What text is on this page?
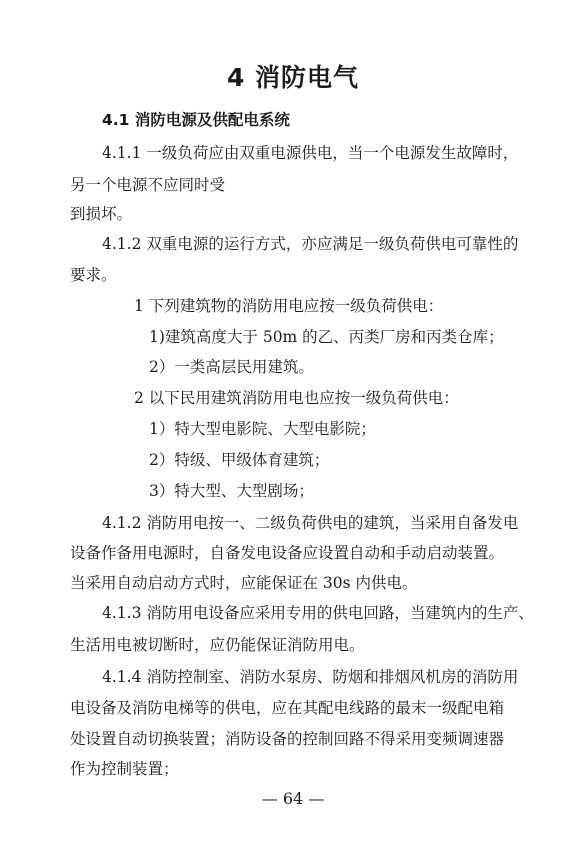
4 消防电气
4.1 消防电源及供配电系统
4.1.1 一级负荷应由双重电源供电，当一个电源发生故障时，
另一个电源不应同时受
到损坏。
4.1.2 双重电源的运行方式，亦应满足一级负荷供电可靠性的
要求。
1 下列建筑物的消防用电应按一级负荷供电：
1)建筑高度大于 50m 的乙、丙类厂房和丙类仓库；
2）一类高层民用建筑。
2 以下民用建筑消防用电也应按一级负荷供电：
1）特大型电影院、大型电影院；
2）特级、甲级体育建筑；
3）特大型、大型剧场；
4.1.2 消防用电按一、二级负荷供电的建筑，当采用自备发电
设备作备用电源时，自备发电设备应设置自动和手动启动装置。
当采用自动启动方式时，应能保证在 30s 内供电。
4.1.3 消防用电设备应采用专用的供电回路，当建筑内的生产、
生活用电被切断时，应仍能保证消防用电。
4.1.4 消防控制室、消防水泵房、防烟和排烟风机房的消防用
电设备及消防电梯等的供电，应在其配电线路的最末一级配电箱
处设置自动切换装置；消防设备的控制回路不得采用变频调速器
作为控制装置；
— 64 —
